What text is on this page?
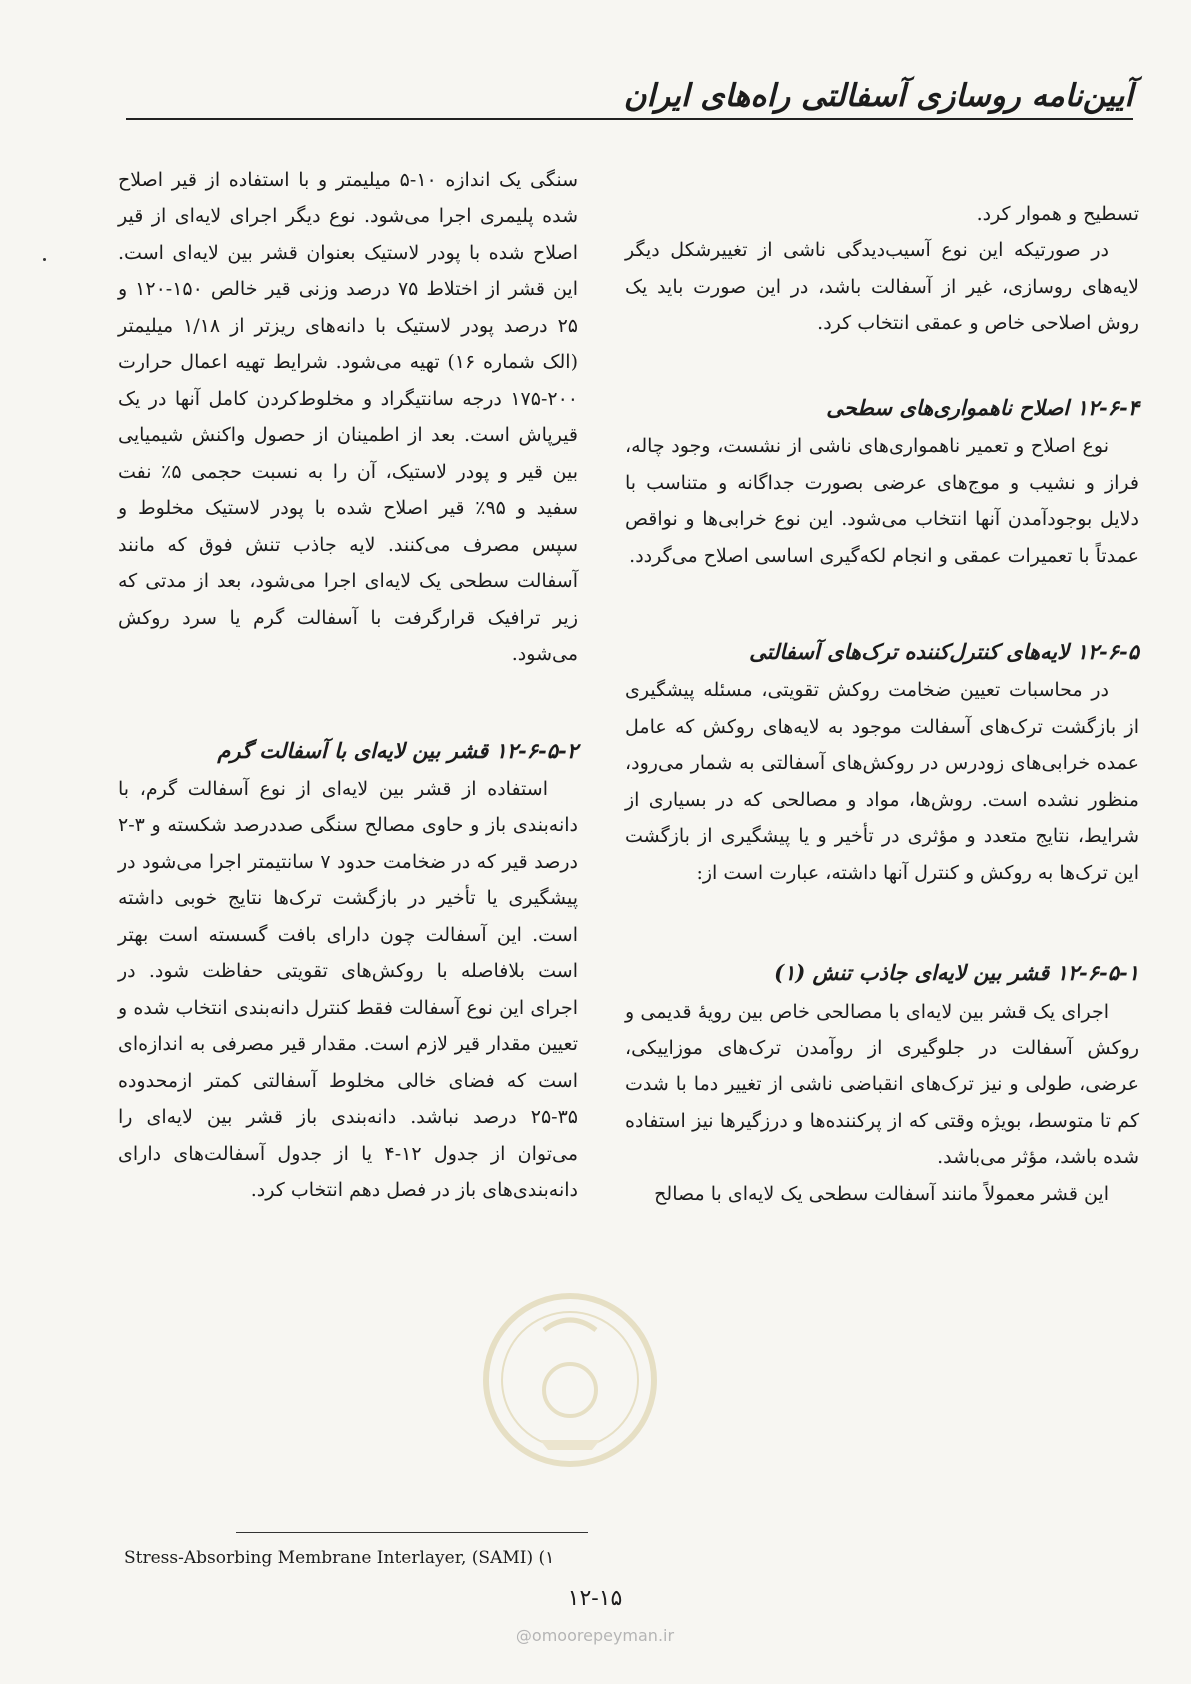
آیین‌نامه روسازی آسفالتی راه‌های ایران

تسطیح و هموار کرد.

در صورتیکه این نوع آسیب‌دیدگی ناشی از تغییرشکل دیگر لایه‌های روسازی، غیر از آسفالت باشد، در این صورت باید یک روش اصلاحی خاص و عمقی انتخاب کرد.

۱۲-۶-۴ اصلاح ناهمواری‌های سطحی

نوع اصلاح و تعمیر ناهمواری‌های ناشی از نشست، وجود چاله، فراز و نشیب و موج‌های عرضی بصورت جداگانه و متناسب با دلایل بوجودآمدن آنها انتخاب می‌شود. این نوع خرابی‌ها و نواقص عمدتاً با تعمیرات عمقی و انجام لکه‌گیری اساسی اصلاح می‌گردد.

۱۲-۶-۵ لایه‌های کنترل‌کننده ترک‌های آسفالتی

در محاسبات تعیین ضخامت روکش تقویتی، مسئله پیشگیری از بازگشت ترک‌های آسفالت موجود به لایه‌های روکش که عامل عمده خرابی‌های زودرس در روکش‌های آسفالتی به شمار می‌رود، منظور نشده است. روش‌ها، مواد و مصالحی که در بسیاری از شرایط، نتایج متعدد و مؤثری در تأخیر و یا پیشگیری از بازگشت این ترک‌ها به روکش و کنترل آنها داشته، عبارت است از:

۱۲-۶-۵-۱ قشر بین لایه‌ای جاذب تنش (۱)

اجرای یک قشر بین لایه‌ای با مصالحی خاص بین رویهٔ قدیمی و روکش آسفالت در جلوگیری از روآمدن ترک‌های موزاییکی، عرضی، طولی و نیز ترک‌های انقباضی ناشی از تغییر دما با شدت کم تا متوسط، بویژه وقتی که از پرکننده‌ها و درزگیرها نیز استفاده شده باشد، مؤثر می‌باشد.

این قشر معمولاً مانند آسفالت سطحی یک لایه‌ای با مصالح

سنگی یک اندازه ۱۰-۵ میلیمتر و با استفاده از قیر اصلاح شده پلیمری اجرا می‌شود. نوع دیگر اجرای لایه‌ای از قیر اصلاح شده با پودر لاستیک بعنوان قشر بین لایه‌ای است. این قشر از اختلاط ۷۵ درصد وزنی قیر خالص ۱۵۰-۱۲۰ و ۲۵ درصد پودر لاستیک با دانه‌های ریزتر از ۱/۱۸ میلیمتر (الک شماره ۱۶) تهیه می‌شود. شرایط تهیه اعمال حرارت ۲۰۰-۱۷۵ درجه سانتیگراد و مخلوط‌کردن کامل آنها در یک قیرپاش است. بعد از اطمینان از حصول واکنش شیمیایی بین قیر و پودر لاستیک، آن را به نسبت حجمی ۵٪ نفت سفید و ۹۵٪ قیر اصلاح شده با پودر لاستیک مخلوط و سپس مصرف می‌کنند. لایه جاذب تنش فوق که مانند آسفالت سطحی یک لایه‌ای اجرا می‌شود، بعد از مدتی که زیر ترافیک قرارگرفت با آسفالت گرم یا سرد روکش می‌شود.

۱۲-۶-۵-۲ قشر بین لایه‌ای با آسفالت گرم

استفاده از قشر بین لایه‌ای از نوع آسفالت گرم، با دانه‌بندی باز و حاوی مصالح سنگی صددرصد شکسته و ۳-۲ درصد قیر که در ضخامت حدود ۷ سانتیمتر اجرا می‌شود در پیشگیری یا تأخیر در بازگشت ترک‌ها نتایج خوبی داشته است. این آسفالت چون دارای بافت گسسته است بهتر است بلافاصله با روکش‌های تقویتی حفاظت شود. در اجرای این نوع آسفالت فقط کنترل دانه‌بندی انتخاب شده و تعیین مقدار قیر لازم است. مقدار قیر مصرفی به اندازه‌ای است که فضای خالی مخلوط آسفالتی کمتر ازمحدوده ۳۵-۲۵ درصد نباشد. دانه‌بندی باز قشر بین لایه‌ای را می‌توان از جدول ۱۲-۴ یا از جدول آسفالت‌های دارای دانه‌بندی‌های باز در فصل دهم انتخاب کرد.

Stress-Absorbing Membrane Interlayer, (SAMI) (۱
۱۲-۱۵
@omoorepeyman.ir
